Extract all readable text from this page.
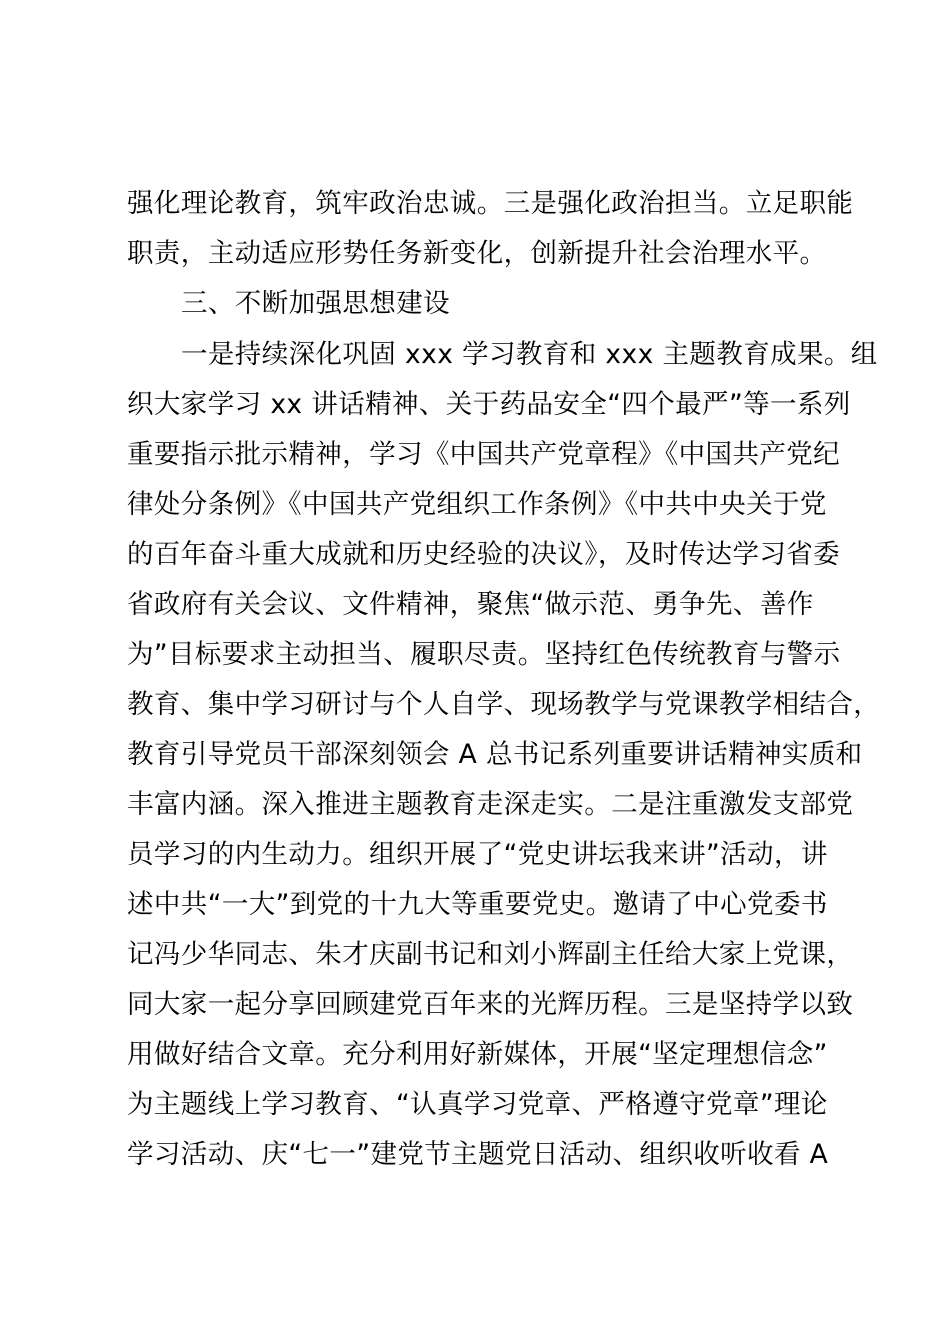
强化理论教育，筑牢政治忠诚。三是强化政治担当。立足职能
职责，主动适应形势任务新变化，创新提升社会治理水平。
三、不断加强思想建设
一是持续深化巩固 xxx 学习教育和 xxx 主题教育成果。组
织大家学习 xx 讲话精神、关于药品安全“四个最严”等一系列
重要指示批示精神，学习《中国共产党章程》《中国共产党纪
律处分条例》《中国共产党组织工作条例》《中共中央关于党
的百年奋斗重大成就和历史经验的决议》，及时传达学习省委
省政府有关会议、文件精神，聚焦“做示范、勇争先、善作
为”目标要求主动担当、履职尽责。坚持红色传统教育与警示
教育、集中学习研讨与个人自学、现场教学与党课教学相结合，
教育引导党员干部深刻领会 A 总书记系列重要讲话精神实质和
丰富内涵。深入推进主题教育走深走实。二是注重激发支部党
员学习的内生动力。组织开展了“党史讲坛我来讲”活动，讲
述中共“一大”到党的十九大等重要党史。邀请了中心党委书
记冯少华同志、朱才庆副书记和刘小辉副主任给大家上党课，
同大家一起分享回顾建党百年来的光辉历程。三是坚持学以致
用做好结合文章。充分利用好新媒体，开展“坚定理想信念”
为主题线上学习教育、“认真学习党章、严格遵守党章”理论
学习活动、庆“七一”建党节主题党日活动、组织收听收看 A
